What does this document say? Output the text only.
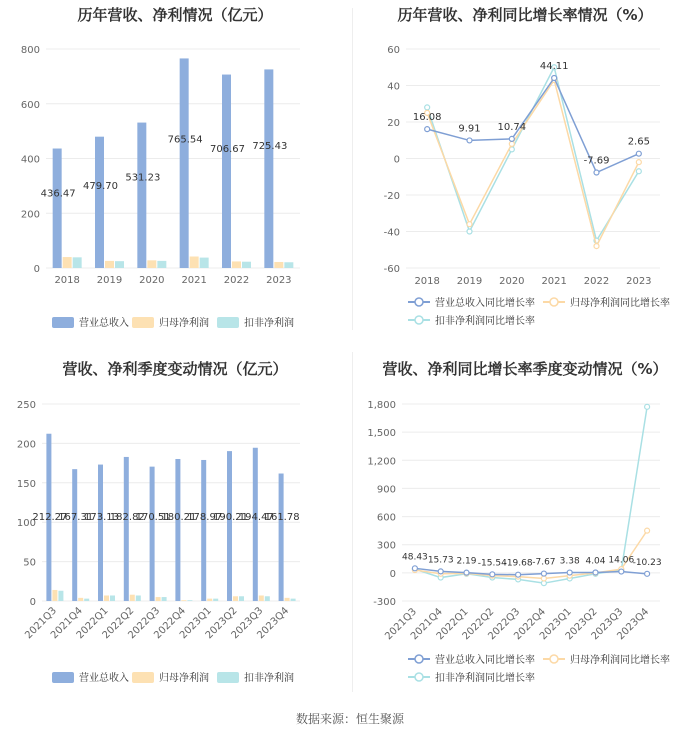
历年营收、净利情况（亿元）
0
200
400
600
800
436.47
2018
479.70
2019
531.23
2020
765.54
2021
706.67
2022
725.43
2023
营业总收入	归母净利润	扣非净利润
历年营收、净利同比增长率情况（%）
-60
-40
-20
0
20
40
60
16.08
9.91 10.74
44.11
-7.69
2.65
2018 2019 2020 2021 2022 2023
营业总收入同比增长率	归母净利润同比增长率
扣非净利润同比增长率
营收、净利季度变动情况（亿元）
0
50
100
150
200
250
212.27
2021Q3
167.31
2021Q4
173.13
2022Q1
182.82
2022Q2
170.51
2022Q3
180.21
2022Q4
178.97
2023Q1
190.21
2023Q2
194.47
2023Q3
161.78
2023Q4
营业总收入	归母净利润	扣非净利润
营收、净利同比增长率季度变动情况（%）
-300
0
300
600
900
1,200
1,500
1,800
48.43 15.73 2.19 -15.54
-19.68 -7.67 3.38 4.04 14.06
-10.23
2021Q3
2021Q4
2022Q1
2022Q2
2022Q3
2022Q4
2023Q1
2023Q2
2023Q3
2023Q4
营业总收入同比增长率	归母净利润同比增长率
扣非净利润同比增长率
数据来源：恒生聚源
